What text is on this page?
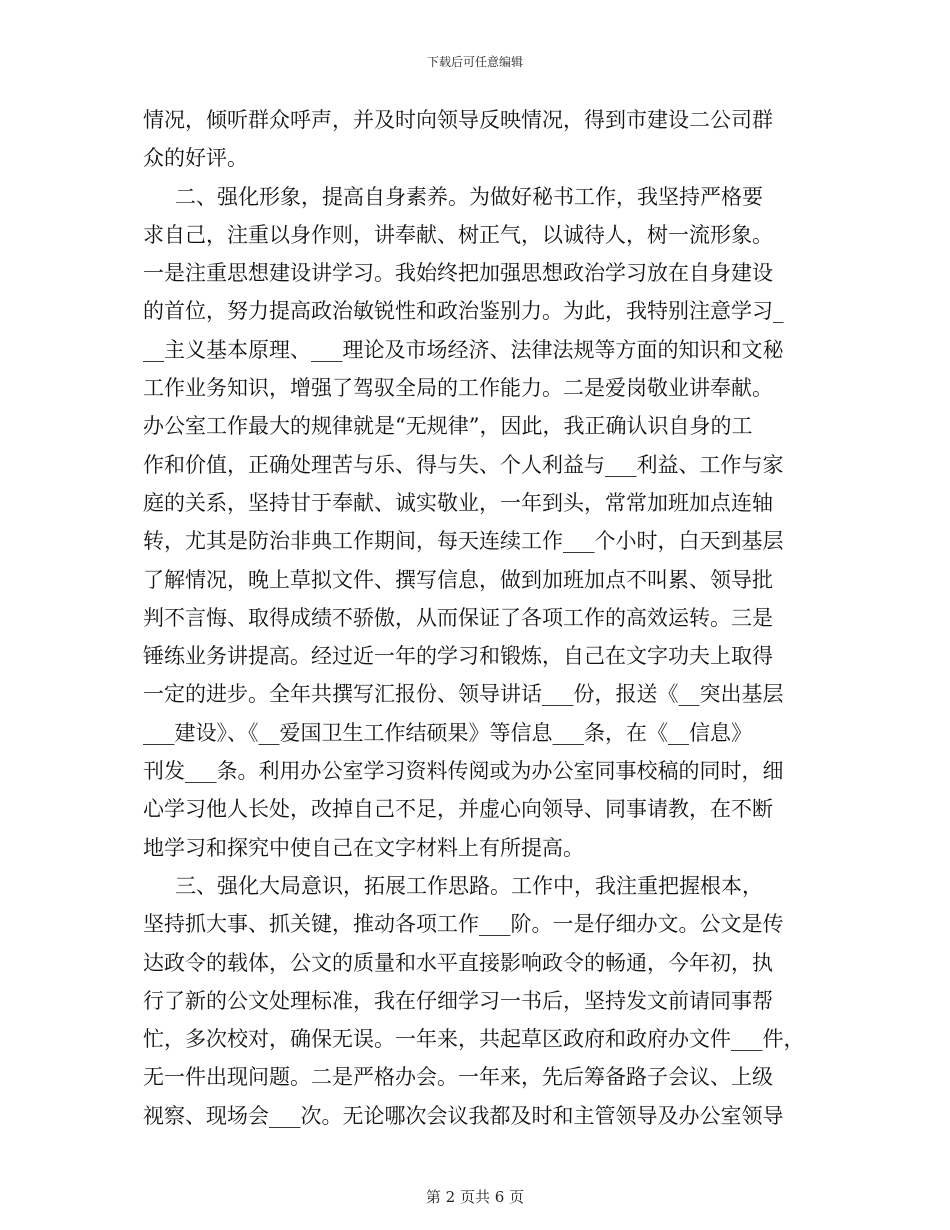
下载后可任意编辑
情况，倾听群众呼声，并及时向领导反映情况，得到市建设二公司群
众的好评。
二、强化形象，提高自身素养。为做好秘书工作，我坚持严格要
求自己，注重以身作则，讲奉献、树正气，以诚待人，树一流形象。
一是注重思想建设讲学习。我始终把加强思想政治学习放在自身建设
的首位，努力提高政治敏锐性和政治鉴别力。为此，我特别注意学习_
__主义基本原理、___理论及市场经济、法律法规等方面的知识和文秘
工作业务知识，增强了驾驭全局的工作能力。二是爱岗敬业讲奉献。
办公室工作最大的规律就是“无规律”，因此，我正确认识自身的工
作和价值，正确处理苦与乐、得与失、个人利益与___利益、工作与家
庭的关系，坚持甘于奉献、诚实敬业，一年到头，常常加班加点连轴
转，尤其是防治非典工作期间，每天连续工作___个小时，白天到基层
了解情况，晚上草拟文件、撰写信息，做到加班加点不叫累、领导批
判不言悔、取得成绩不骄傲，从而保证了各项工作的高效运转。三是
锤练业务讲提高。经过近一年的学习和锻炼，自己在文字功夫上取得
一定的进步。全年共撰写汇报份、领导讲话___份，报送《__突出基层
___建设》、《__爱国卫生工作结硕果》等信息___条，在《__信息》
刊发___条。利用办公室学习资料传阅或为办公室同事校稿的同时，细
心学习他人长处，改掉自己不足，并虚心向领导、同事请教，在不断
地学习和探究中使自己在文字材料上有所提高。
三、强化大局意识，拓展工作思路。工作中，我注重把握根本，
坚持抓大事、抓关键，推动各项工作___阶。一是仔细办文。公文是传
达政令的载体，公文的质量和水平直接影响政令的畅通，今年初，执
行了新的公文处理标准，我在仔细学习一书后，坚持发文前请同事帮
忙，多次校对，确保无误。一年来，共起草区政府和政府办文件___件，
无一件出现问题。二是严格办会。一年来，先后筹备路子会议、上级
视察、现场会___次。无论哪次会议我都及时和主管领导及办公室领导
第 2 页共 6 页
